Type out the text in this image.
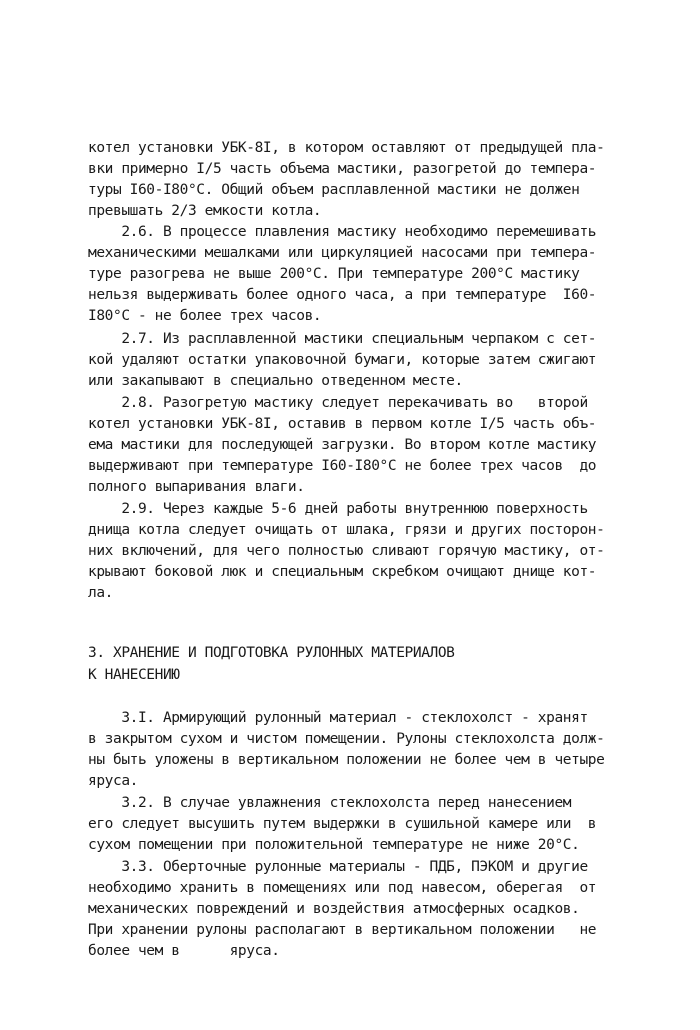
котел установки УБК-8I, в котором оставляют от предыдущей пла-
вки примерно I/5 часть объема мастики, разогретой до темпера-
туры I60-I80°С. Общий объем расплавленной мастики не должен
превышать 2/3 емкости котла.
2.6. В процессе плавления мастику необходимо перемешивать
механическими мешалками или циркуляцией насосами при темпера-
туре разогрева не выше 200°С. При температуре 200°С мастику
нельзя выдерживать более одного часа, а при температуре  I60-
I80°С - не более трех часов.
2.7. Из расплавленной мастики специальным черпаком с сет-
кой удаляют остатки упаковочной бумаги, которые затем сжигают
или закапывают в специально отведенном месте.
2.8. Разогретую мастику следует перекачивать во   второй
котел установки УБК-8I, оставив в первом котле I/5 часть объ-
ема мастики для последующей загрузки. Во втором котле мастику
выдерживают при температуре I60-I80°С не более трех часов  до
полного выпаривания влаги.
2.9. Через каждые 5-6 дней работы внутреннюю поверхность
днища котла следует очищать от шлака, грязи и других посторон-
них включений, для чего полностью сливают горячую мастику, от-
крывают боковой люк и специальным скребком очищают днище кот-
ла.
3. ХРАНЕНИЕ И ПОДГОТОВКА РУЛОННЫХ МАТЕРИАЛОВ
К НАНЕСЕНИЮ
3.I. Армирующий рулонный материал - стеклохолст - хранят
в закрытом сухом и чистом помещении. Рулоны стеклохолста долж-
ны быть уложены в вертикальном положении не более чем в четыре
яруса.
3.2. В случае увлажнения стеклохолста перед нанесением
его следует высушить путем выдержки в сушильной камере или  в
сухом помещении при положительной температуре не ниже 20°С.
3.3. Оберточные рулонные материалы - ПДБ, ПЭКОМ и другие
необходимо хранить в помещениях или под навесом, оберегая  от
механических повреждений и воздействия атмосферных осадков.
При хранении рулоны располагают в вертикальном положении   не
более чем в      яруса.
